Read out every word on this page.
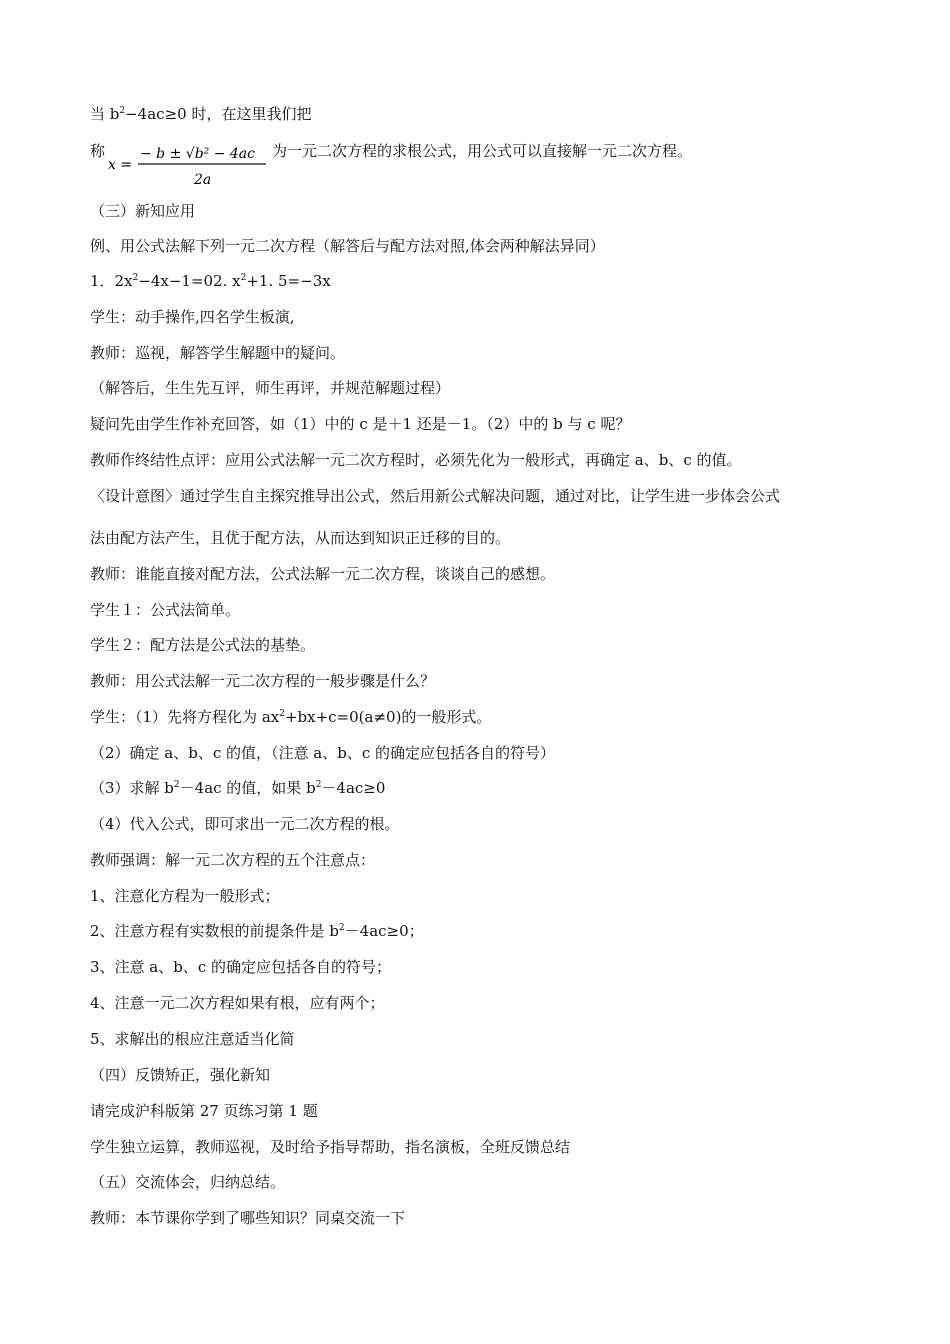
当 $b^2-4ac\ge 0$ 时，在这里我们把
称
x =
− b ± √b² − 4ac
2a
为一元二次方程的求根公式，用公式可以直接解一元二次方程。
（三）新知应用
例、用公式法解下列一元二次方程（解答后与配方法对照,体会两种解法异同）
1．$2x^2-4x-1=02$. $x^2+1$. 5=−3x
学生：动手操作,四名学生板演,
教师：巡视，解答学生解题中的疑问。
（解答后，生生先互评，师生再评，并规范解题过程）
疑问先由学生作补充回答，如（1）中的 c 是＋1 还是－1。（2）中的 b 与 c 呢？
教师作终结性点评：应用公式法解一元二次方程时，必须先化为一般形式，再确定 a、b、c 的值。
〈设计意图〉通过学生自主探究推导出公式，然后用新公式解决问题，通过对比，让学生进一步体会公式
法由配方法产生，且优于配方法，从而达到知识正迁移的目的。
教师：谁能直接对配方法，公式法解一元二次方程，谈谈自己的感想。
学生１：公式法简单。
学生２：配方法是公式法的基垫。
教师：用公式法解一元二次方程的一般步骤是什么？
学生：（1）先将方程化为 $ax^2+bx+c=0(a\ne 0)$的一般形式。
（2）确定 a、b、c 的值，（注意 a、b、c 的确定应包括各自的符号）
（3）求解 $b^2-4ac$ 的值，如果 $b^2-4ac\ge 0$
（4）代入公式，即可求出一元二次方程的根。
教师强调：解一元二次方程的五个注意点：
1、注意化方程为一般形式；
2、注意方程有实数根的前提条件是 $b^2-4ac\ge 0$；
3、注意 a、b、c 的确定应包括各自的符号；
4、注意一元二次方程如果有根，应有两个；
5、求解出的根应注意适当化简
（四）反馈矫正，强化新知
请完成沪科版第 27 页练习第 1 题
学生独立运算，教师巡视，及时给予指导帮助，指名演板，全班反馈总结
（五）交流体会，归纳总结。
教师：本节课你学到了哪些知识？同桌交流一下
